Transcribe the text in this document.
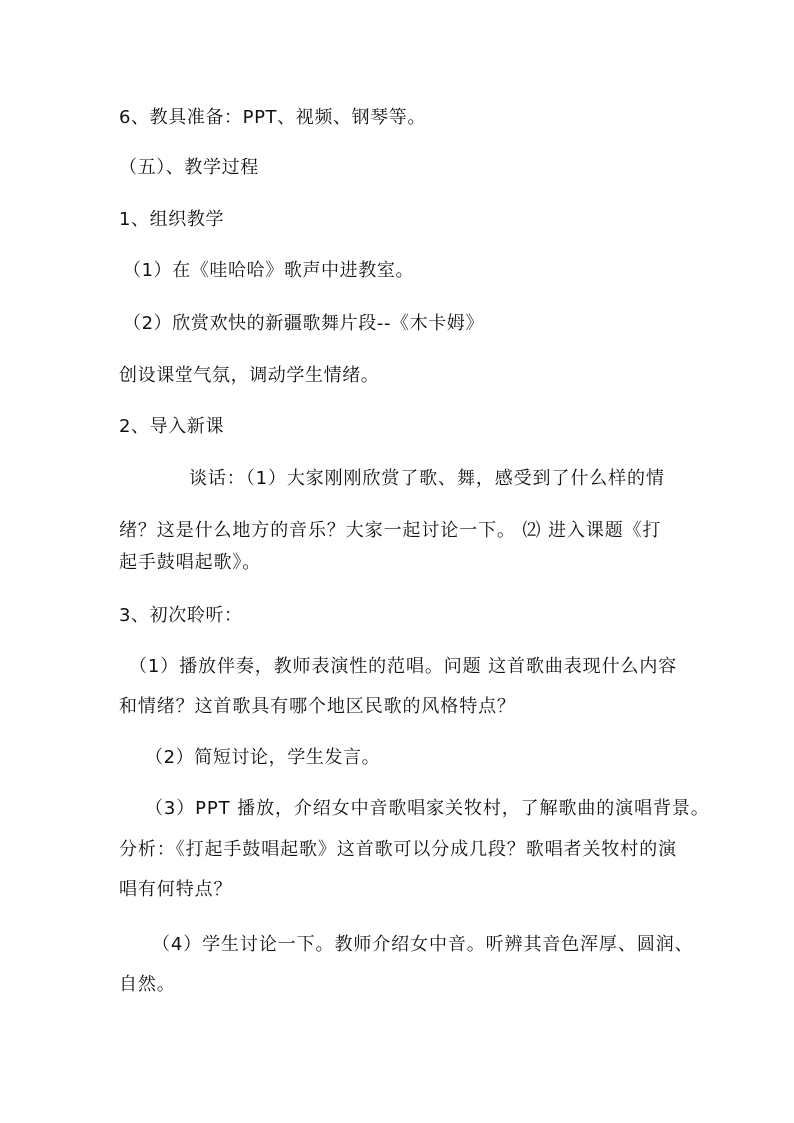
6、教具准备：PPT、视频、钢琴等。
（五）、教学过程
1、组织教学
（1）在《哇哈哈》歌声中进教室。
（2）欣赏欢快的新疆歌舞片段--《木卡姆》
创设课堂气氛，调动学生情绪。
2、导入新课
谈话：（1）大家刚刚欣赏了歌、舞，感受到了什么样的情
绪？这是什么地方的音乐？大家一起讨论一下。 ⑵ 进入课题《打
起手鼓唱起歌》。
3、初次聆听：
（1）播放伴奏，教师表演性的范唱。问题 这首歌曲表现什么内容
和情绪？这首歌具有哪个地区民歌的风格特点？
（2）简短讨论，学生发言。
（3）PPT 播放，介绍女中音歌唱家关牧村，了解歌曲的演唱背景。
分析：《打起手鼓唱起歌》这首歌可以分成几段？歌唱者关牧村的演
唱有何特点？
（4）学生讨论一下。教师介绍女中音。听辨其音色浑厚、圆润、
自然。
